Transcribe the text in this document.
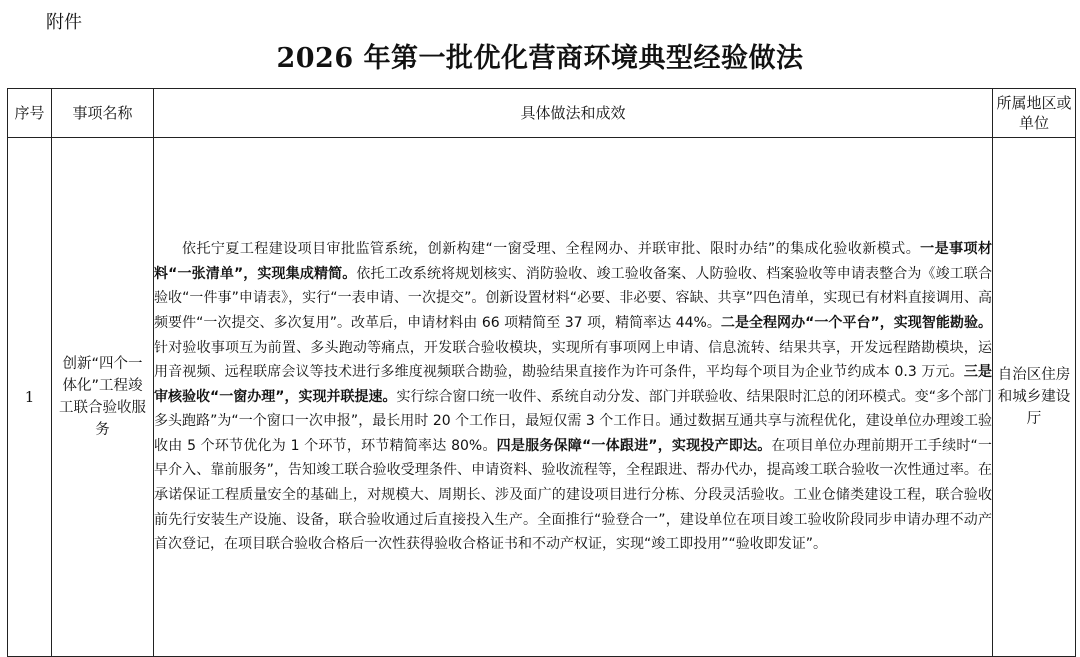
附件
2026 年第一批优化营商环境典型经验做法
序号	事项名称	具体做法和成效	所属地区或单位
1	创新“四个一体化”工程竣工联合验收服务	依托宁夏工程建设项目审批监管系统，创新构建“一窗受理、全程网办、并联审批、限时办结”的集成化验收新模式。一是事项材料“一张清单”，实现集成精简。依托工改系统将规划核实、消防验收、竣工验收备案、人防验收、档案验收等申请表整合为《竣工联合验收“一件事”申请表》，实行“一表申请、一次提交”。创新设置材料“必要、非必要、容缺、共享”四色清单，实现已有材料直接调用、高频要件“一次提交、多次复用”。改革后，申请材料由 66 项精简至 37 项，精简率达 44%。二是全程网办“一个平台”，实现智能勘验。针对验收事项互为前置、多头跑动等痛点，开发联合验收模块，实现所有事项网上申请、信息流转、结果共享，开发远程踏勘模块，运用音视频、远程联席会议等技术进行多维度视频联合勘验，勘验结果直接作为许可条件，平均每个项目为企业节约成本 0.3 万元。三是审核验收“一窗办理”，实现并联提速。实行综合窗口统一收件、系统自动分发、部门并联验收、结果限时汇总的闭环模式。变“多个部门多头跑路”为“一个窗口一次申报”，最长用时 20 个工作日，最短仅需 3 个工作日。通过数据互通共享与流程优化，建设单位办理竣工验收由 5 个环节优化为 1 个环节，环节精简率达 80%。四是服务保障“一体跟进”，实现投产即达。在项目单位办理前期开工手续时“一早介入、靠前服务”，告知竣工联合验收受理条件、申请资料、验收流程等，全程跟进、帮办代办，提高竣工联合验收一次性通过率。在承诺保证工程质量安全的基础上，对规模大、周期长、涉及面广的建设项目进行分栋、分段灵活验收。工业仓储类建设工程，联合验收前先行安装生产设施、设备，联合验收通过后直接投入生产。全面推行“验登合一”，建设单位在项目竣工验收阶段同步申请办理不动产首次登记，在项目联合验收合格后一次性获得验收合格证书和不动产权证，实现“竣工即投用”“验收即发证”。	自治区住房和城乡建设厅
